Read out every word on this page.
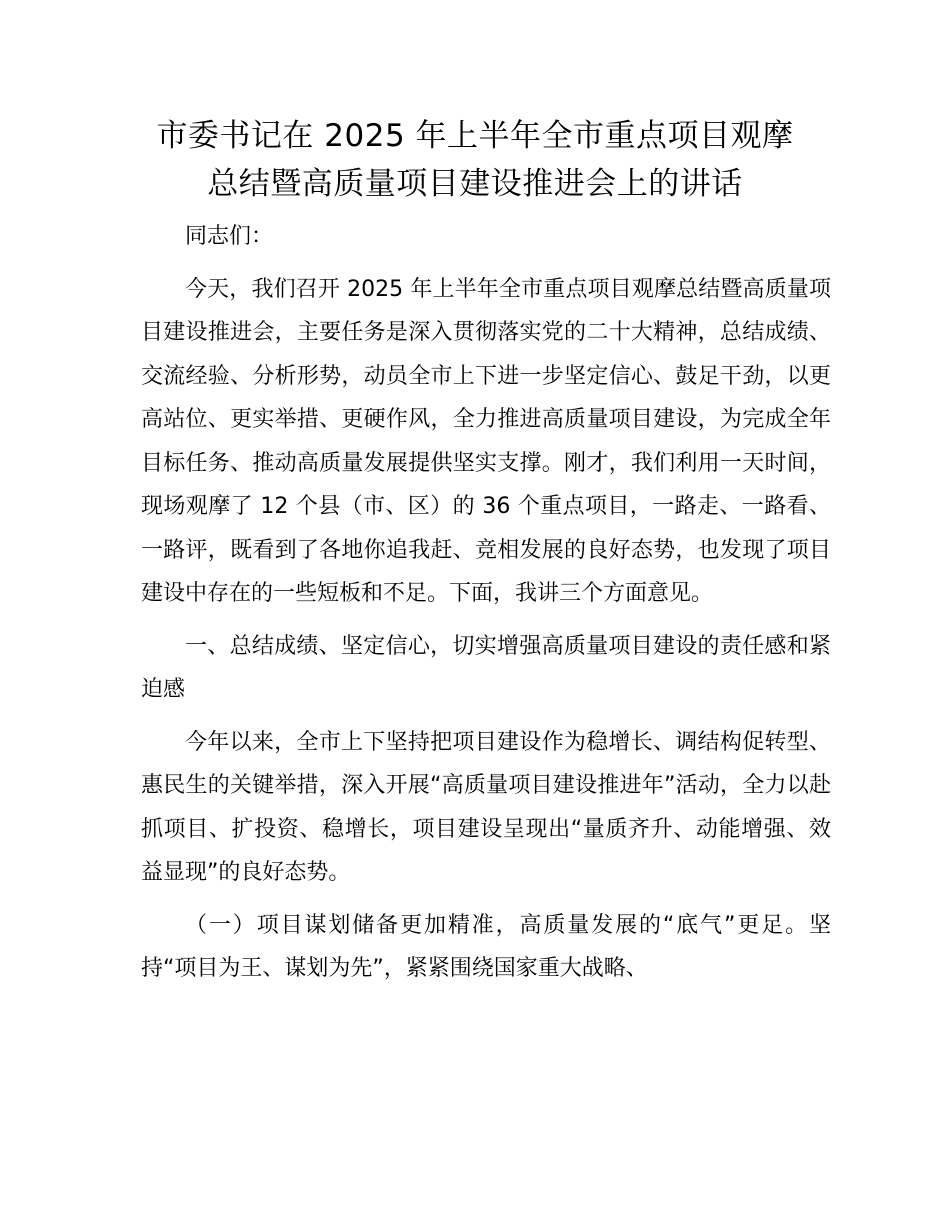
市委书记在 2025 年上半年全市重点项目观摩
总结暨高质量项目建设推进会上的讲话

同志们：

今天，我们召开 2025 年上半年全市重点项目观摩总结暨高质量项目建设推进会，主要任务是深入贯彻落实党的二十大精神，总结成绩、交流经验、分析形势，动员全市上下进一步坚定信心、鼓足干劲，以更高站位、更实举措、更硬作风，全力推进高质量项目建设，为完成全年目标任务、推动高质量发展提供坚实支撑。刚才，我们利用一天时间，现场观摩了 12 个县（市、区）的 36 个重点项目，一路走、一路看、一路评，既看到了各地你追我赶、竞相发展的良好态势，也发现了项目建设中存在的一些短板和不足。下面，我讲三个方面意见。

一、总结成绩、坚定信心，切实增强高质量项目建设的责任感和紧迫感

今年以来，全市上下坚持把项目建设作为稳增长、调结构促转型、惠民生的关键举措，深入开展“高质量项目建设推进年”活动，全力以赴抓项目、扩投资、稳增长，项目建设呈现出“量质齐升、动能增强、效益显现”的良好态势。

（一）项目谋划储备更加精准，高质量发展的“底气”更足。坚持“项目为王、谋划为先”，紧紧围绕国家重大战略、
